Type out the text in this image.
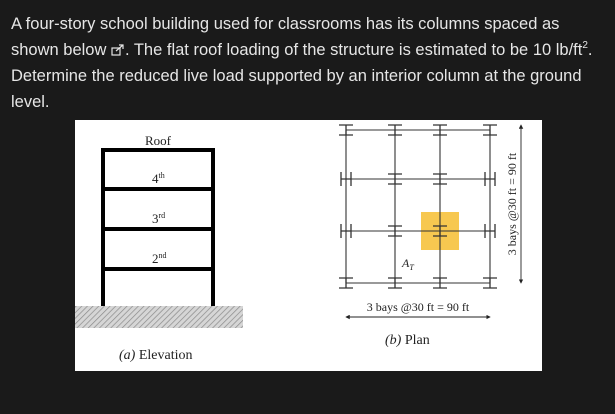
A four-story school building used for classrooms has its columns spaced as shown below . The flat roof loading of the structure is estimated to be 10 $lb/ft^2$. Determine the reduced live load supported by an interior column at the ground level.
Roof
4th
3rd
2nd
(a) Elevation
$A_T$
3 bays @30 ft = 90 ft
3 bays @30 ft = 90 ft
(b) Plan
